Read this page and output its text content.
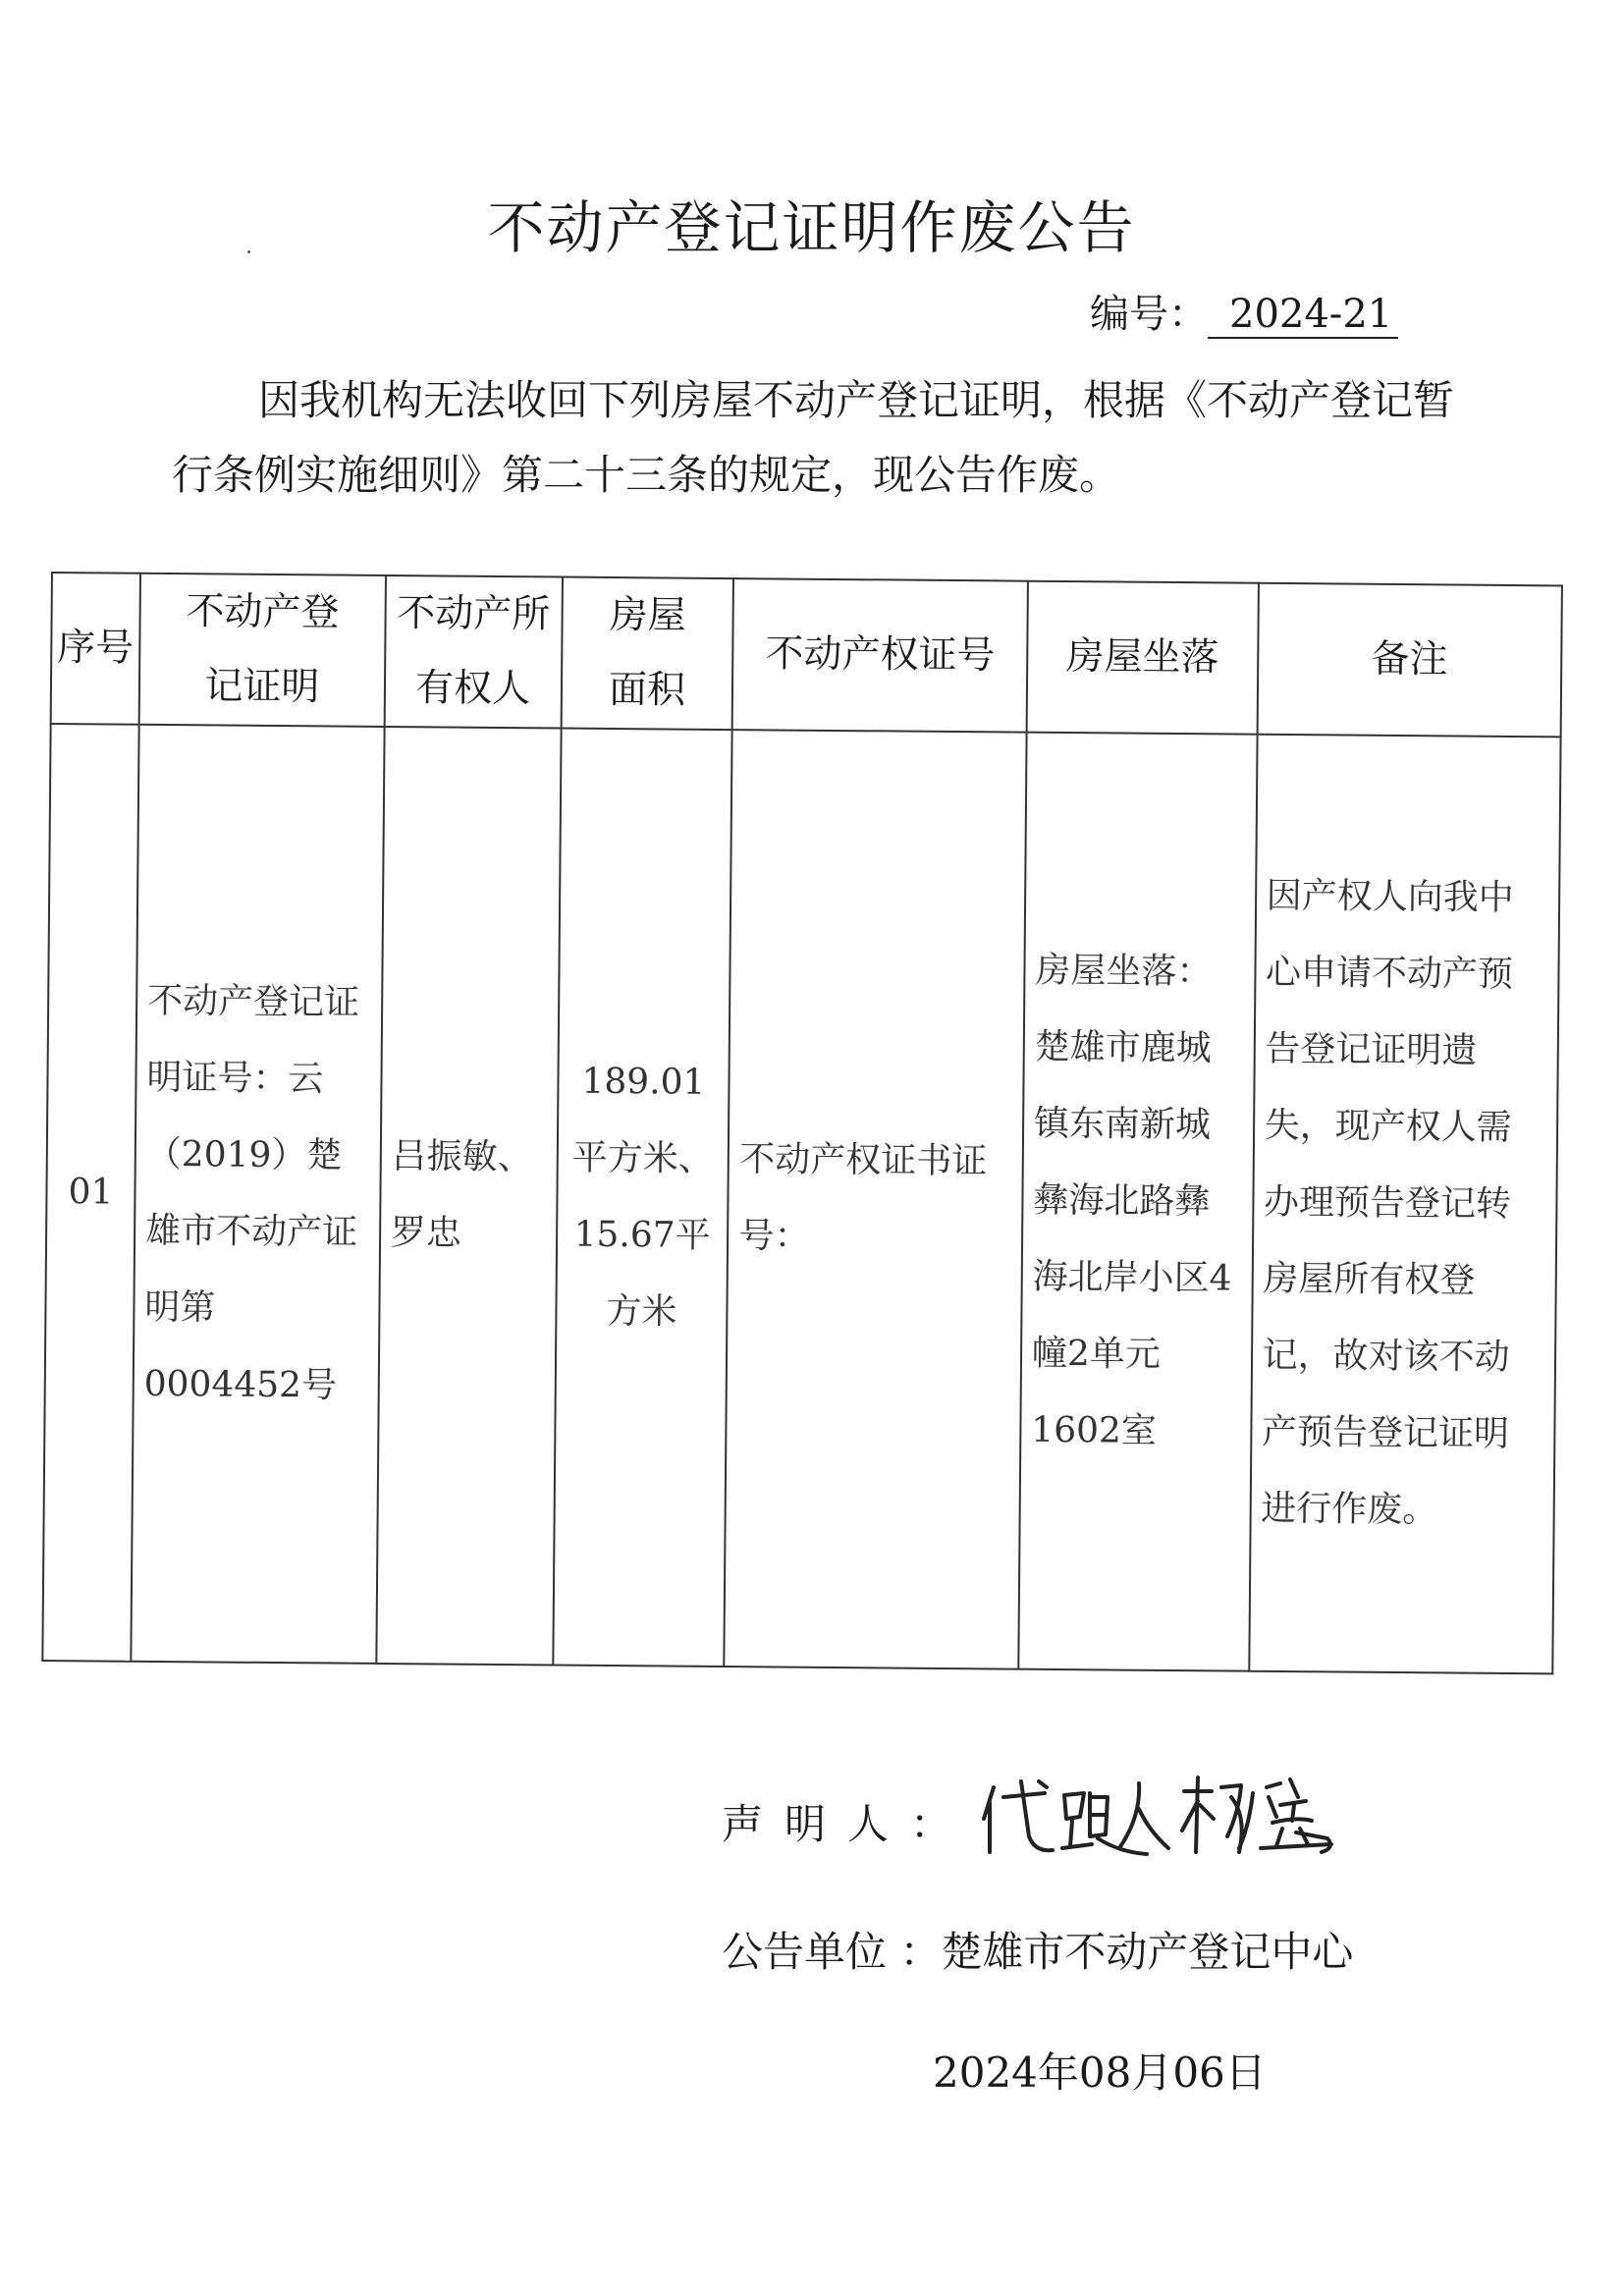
不动产登记证明作废公告
编号： 2024-21
因我机构无法收回下列房屋不动产登记证明，根据《不动产登记暂行条例实施细则》第二十三条的规定，现公告作废。
序号	不动产登记证明	不动产所有权人	房屋面积	不动产权证号	房屋坐落	备注
01	不动产登记证明证号：云（2019）楚雄市不动产证明第0004452号	吕振敏、罗忠	189.01平方米、15.67平方米	不动产权证书证号：	房屋坐落：楚雄市鹿城镇东南新城彝海北路彝海北岸小区4幢2单元1602室	因产权人向我中心申请不动产预告登记证明遗失，现产权人需办理预告登记转房屋所有权登记，故对该不动产预告登记证明进行作废。
声明人：
公告单位 ：楚雄市不动产登记中心
2024年08月06日
